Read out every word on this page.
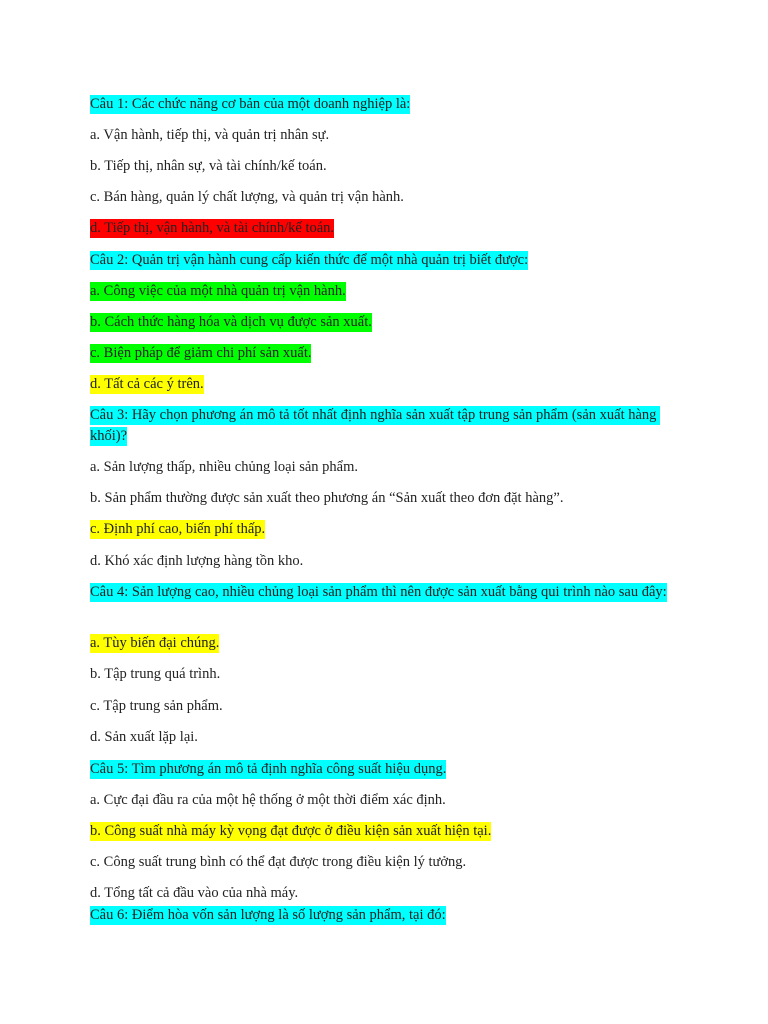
Câu 1: Các chức năng cơ bản của một doanh nghiệp là:
a. Vận hành, tiếp thị, và quản trị nhân sự.
b. Tiếp thị, nhân sự, và tài chính/kế toán.
c. Bán hàng, quản lý chất lượng, và quản trị vận hành.
d. Tiếp thị, vận hành, và tài chính/kế toán.
Câu 2: Quản trị vận hành cung cấp kiến thức để một nhà quản trị biết được:
a. Công việc của một nhà quản trị vận hành.
b. Cách thức hàng hóa và dịch vụ được sản xuất.
c. Biện pháp để giảm chi phí sản xuất.
d. Tất cả các ý trên.
Câu 3: Hãy chọn phương án mô tả tốt nhất định nghĩa sản xuất tập trung sản phẩm (sản xuất hàng khối)?
a. Sản lượng thấp, nhiều chủng loại sản phẩm.
b. Sản phẩm thường được sản xuất theo phương án “Sản xuất theo đơn đặt hàng”.
c. Định phí cao, biến phí thấp.
d. Khó xác định lượng hàng tồn kho.
Câu 4: Sản lượng cao, nhiều chủng loại sản phẩm thì nên được sản xuất bằng qui trình nào sau đây:
a. Tùy biến đại chúng.
b. Tập trung quá trình.
c. Tập trung sản phẩm.
d. Sản xuất lặp lại.
Câu 5: Tìm phương án mô tả định nghĩa công suất hiệu dụng.
a. Cực đại đầu ra của một hệ thống ở một thời điểm xác định.
b. Công suất nhà máy kỳ vọng đạt được ở điều kiện sản xuất hiện tại.
c. Công suất trung bình có thể đạt được trong điều kiện lý tưởng.
d. Tổng tất cả đầu vào của nhà máy.
Câu 6: Điểm hòa vốn sản lượng là số lượng sản phẩm, tại đó:
